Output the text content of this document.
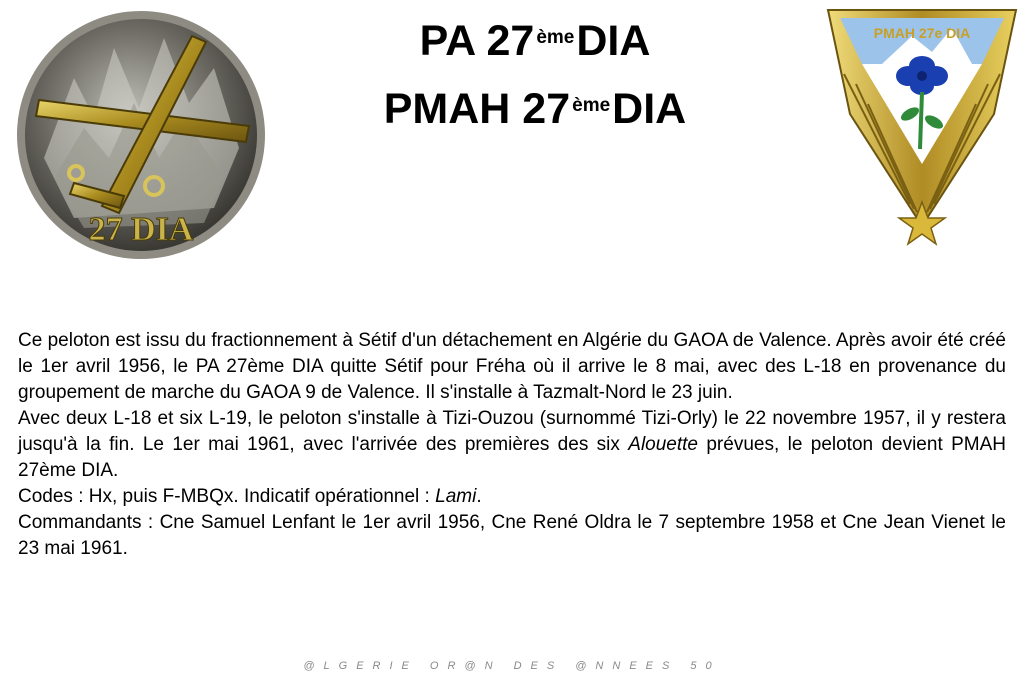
27 DIA
PMAH 27e DIA
PA 27 $^{ème}$DIA
PMAH 27 $^{ème}$DIA

Ce peloton est issu du fractionnement à Sétif d'un détachement en Algérie du GAOA de Valence. Après avoir été créé le 1er avril 1956, le PA 27ème DIA quitte Sétif pour Fréha où il arrive le 8 mai, avec des L-18 en provenance du groupement de marche du GAOA 9 de Valence. Il s'installe à Tazmalt-Nord le 23 juin.

Avec deux L-18 et six L-19, le peloton s'installe à Tizi-Ouzou (surnommé Tizi-Orly) le 22 novembre 1957, il y restera jusqu'à la fin. Le 1er mai 1961, avec l'arrivée des premières des six Alouette prévues, le peloton devient PMAH 27ème DIA.

Codes : Hx, puis F-MBQx. Indicatif opérationnel : Lami.

Commandants : Cne Samuel Lenfant le 1er avril 1956, Cne René Oldra le 7 septembre 1958 et Cne Jean Vienet le 23 mai 1961.

@LGERIE OR@N DES @NNEES 50
